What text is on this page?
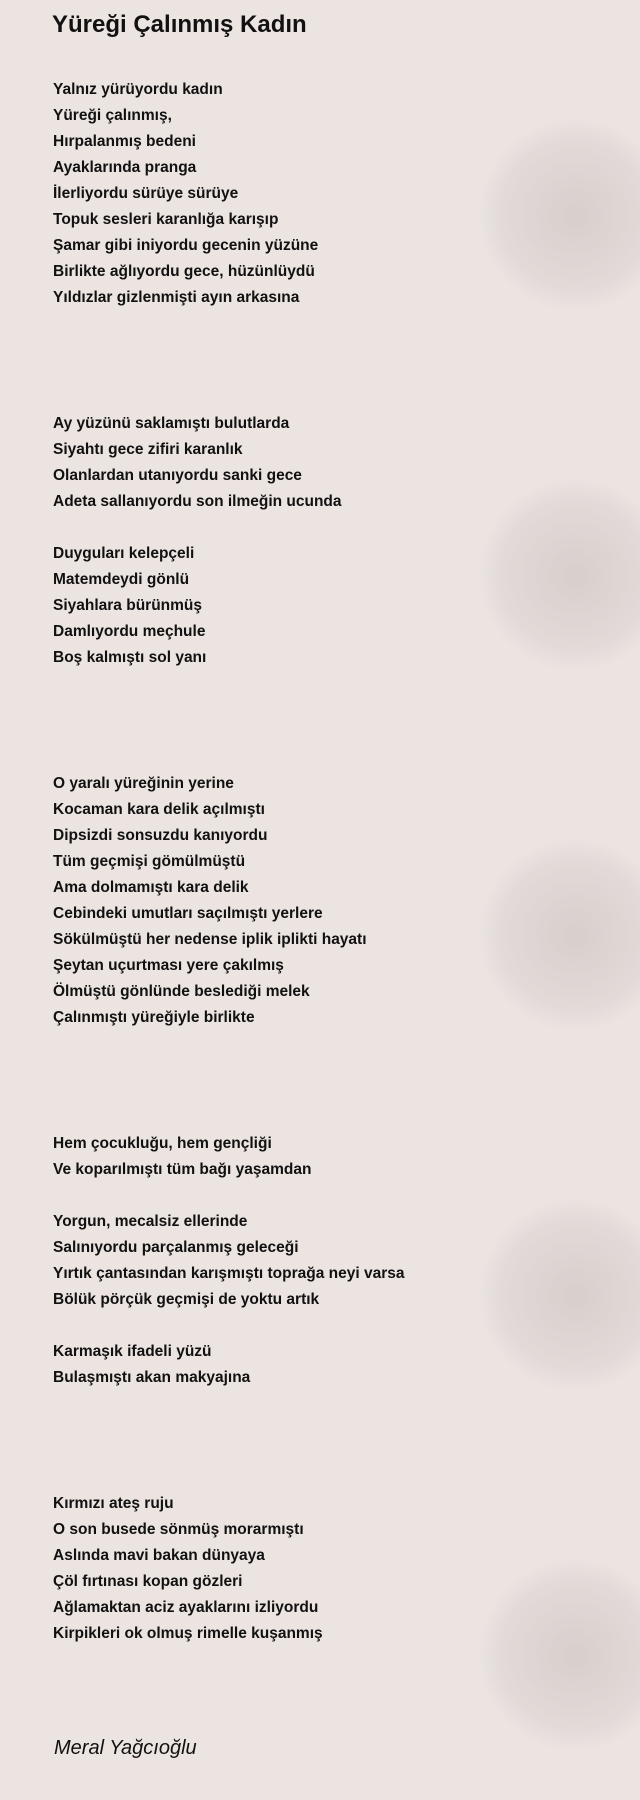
Yüreği Çalınmış Kadın
Yalnız yürüyordu kadın
Yüreği çalınmış,
Hırpalanmış bedeni
Ayaklarında pranga
İlerliyordu sürüye sürüye
Topuk sesleri karanlığa karışıp
Şamar gibi iniyordu gecenin yüzüne
Birlikte ağlıyordu gece, hüzünlüydü
Yıldızlar gizlenmişti ayın arkasına
Ay yüzünü saklamıştı bulutlarda
Siyahtı gece zifiri karanlık
Olanlardan utanıyordu sanki gece
Adeta sallanıyordu son ilmeğin ucunda
Duyguları kelepçeli
Matemdeydi gönlü
Siyahlara bürünmüş
Damlıyordu meçhule
Boş kalmıştı sol yanı
O yaralı yüreğinin yerine
Kocaman kara delik açılmıştı
Dipsizdi sonsuzdu kanıyordu
Tüm geçmişi gömülmüştü
Ama dolmamıştı kara delik
Cebindeki umutları saçılmıştı yerlere
Sökülmüştü her nedense iplik iplikti hayatı
Şeytan uçurtması yere çakılmış
Ölmüştü gönlünde beslediği melek
Çalınmıştı yüreğiyle birlikte
Hem çocukluğu, hem gençliği
Ve koparılmıştı tüm bağı yaşamdan
Yorgun, mecalsiz ellerinde
Salınıyordu parçalanmış geleceği
Yırtık çantasından karışmıştı toprağa neyi varsa
Bölük pörçük geçmişi de yoktu artık
Karmaşık ifadeli yüzü
Bulaşmıştı akan makyajına
Kırmızı ateş ruju
O son busede sönmüş morarmıştı
Aslında mavi bakan dünyaya
Çöl fırtınası kopan gözleri
Ağlamaktan aciz ayaklarını izliyordu
Kirpikleri ok olmuş rimelle kuşanmış
Meral Yağcıoğlu
